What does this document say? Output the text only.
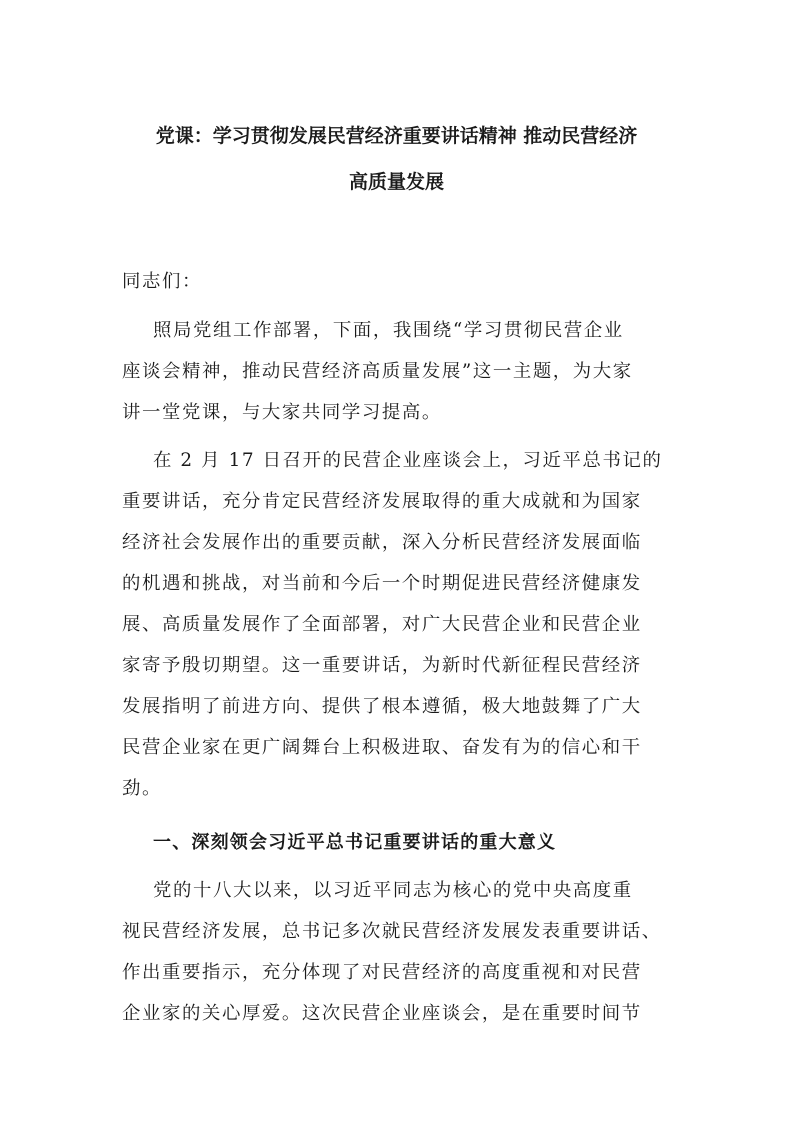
党课：学习贯彻发展民营经济重要讲话精神 推动民营经济
高质量发展
同志们：
照局党组工作部署，下面，我围绕“学习贯彻民营企业
座谈会精神，推动民营经济高质量发展”这一主题，为大家
讲一堂党课，与大家共同学习提高。
在 2 月 17 日召开的民营企业座谈会上，习近平总书记的
重要讲话，充分肯定民营经济发展取得的重大成就和为国家
经济社会发展作出的重要贡献，深入分析民营经济发展面临
的机遇和挑战，对当前和今后一个时期促进民营经济健康发
展、高质量发展作了全面部署，对广大民营企业和民营企业
家寄予殷切期望。这一重要讲话，为新时代新征程民营经济
发展指明了前进方向、提供了根本遵循，极大地鼓舞了广大
民营企业家在更广阔舞台上积极进取、奋发有为的信心和干
劲。
一、深刻领会习近平总书记重要讲话的重大意义
党的十八大以来，以习近平同志为核心的党中央高度重
视民营经济发展，总书记多次就民营经济发展发表重要讲话、
作出重要指示，充分体现了对民营经济的高度重视和对民营
企业家的关心厚爱。这次民营企业座谈会，是在重要时间节
